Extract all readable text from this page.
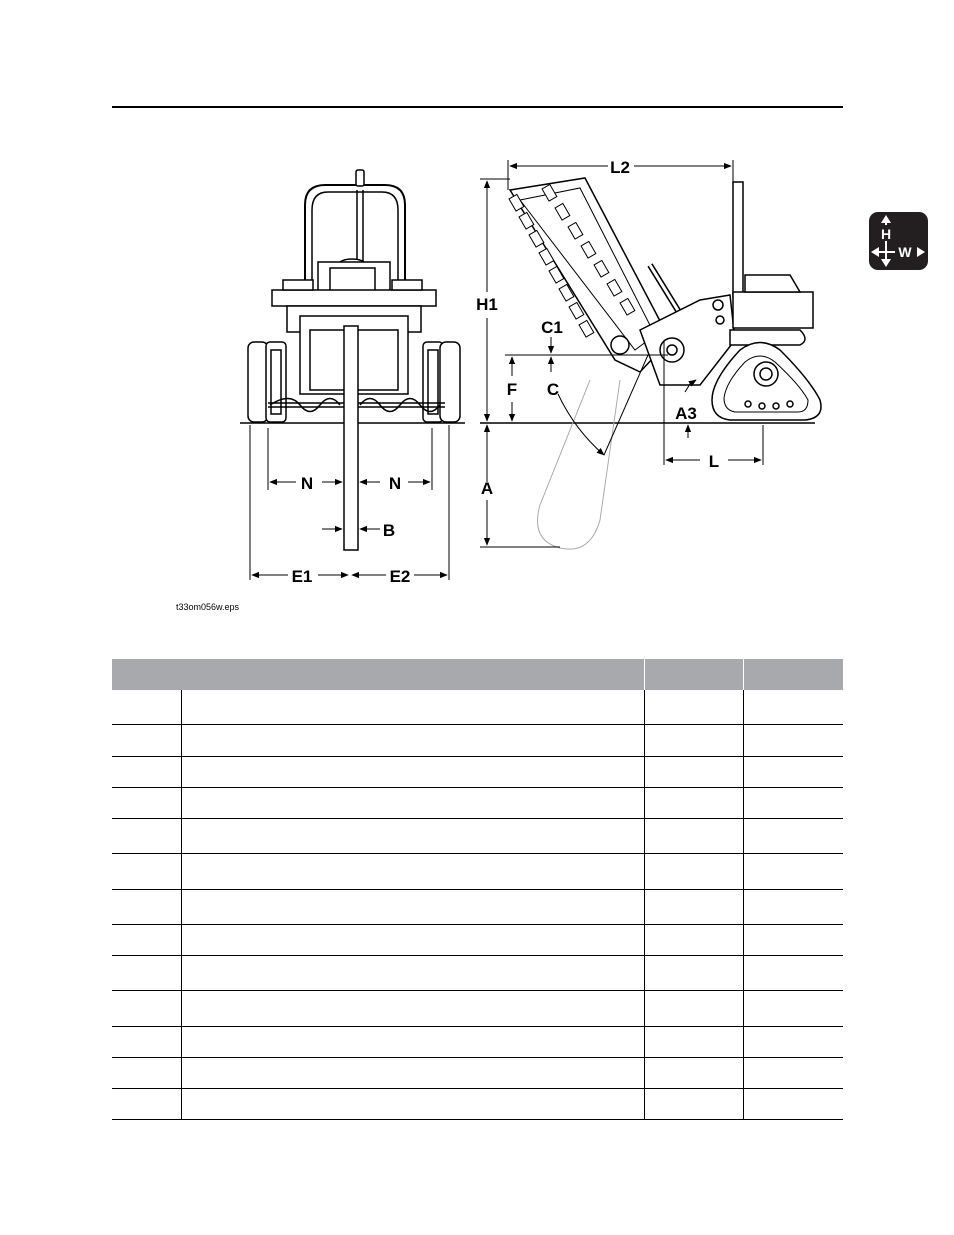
H
W
N	N
B
E1	E2
L2
H1
C1
F C
A3
A
L
t33om056w.eps
